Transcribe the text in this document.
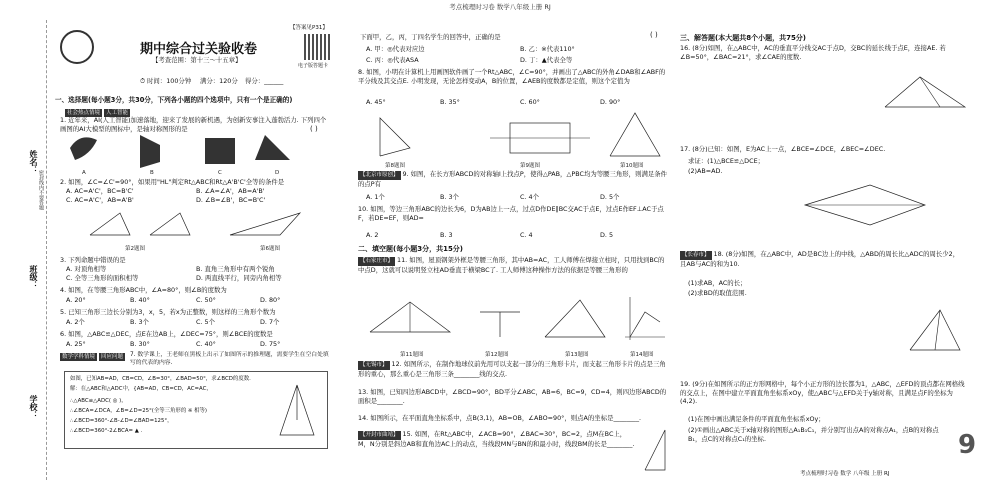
考点梳理时习卷 数学八年级上册 RJ
姓名：
班级：
学校：
密封线内不要答题
【答案见P31】
期中综合过关验收卷
【考查范围：第十三～十五章】
电子版答题卡
⏱ 时间：100分钟 满分：120分 得分：______
一、选择题(每小题3分，共30分，下列各小题的四个选项中，只有一个是正确的)
社会热点情境 人工智能
1. 近年来，AI(人工智能)加速落地，迎来了发展的新机遇，为创新安事注入蓬勃活力. 下列四个画图的AI大模型的图标中，是轴对称图形的是	( )
A	B	C	D
2. 如图，∠C=∠C'=90°，如果用"HL"判定Rt△ABC和Rt△A'B'C'全等的条件是
A. AC=A'C'，BC=B'C'	B. ∠A=∠A'，AB=A'B'
C. AC=A'C'，AB=A'B'	D. ∠B=∠B'，BC=B'C'
第2题图	第6题图
3. 下列命题中错误的是
A. 对顶角相等	B. 直角三角形中有两个锐角
C. 全等三角形的面积相等	D. 两直线平行，同旁内角相等
4. 如图，在等腰三角形ABC中，∠A=80°，则∠B的度数为
A. 20°	B. 40°	C. 50°	D. 80°
5. 已知三角形三边长分别为3，x，5，若x为正整数，则这样的三角形个数为
A. 2个	B. 3个	C. 5个	D. 7个
6. 如图，△ABC≌△DEC，点E在边AB上，∠DEC=75°，则∠BCE的度数是
A. 25°	B. 30°	C. 40°	D. 75°
数学学科情境 回应问题	7. 数学课上，王老师在黑板上出示了如图所示的推理题，需要学生在空白处填写的代表的内容.
如图，已知AB=AD，CB=CD，∠B=30°，∠BAD=50°，求∠BCD的度数.
解：在△ABC和△ADC中，{AB=AD，CB=CD，AC=AC，
∴△ABC≌△ADC( ◎ )，
∴∠BCA=∠DCA，∠B=∠D=25°(全等三角形的 ※ 相等)
∴∠BCD=360°-∠B-∠D=∠BAD=125°，
∴∠BCD=360°-2∠BCA= ▲ .
下面甲，乙，丙，丁四名学生的回答中，正确的是	( )
A. 甲：◎代表对应边	B. 乙：※代表110°
C. 丙：◎代表ASA	D. 丁：▲代表全等
8. 如图，小明在计算机上用画图软件画了一个Rt△ABC，∠C=90°，并画出了△ABC的外角∠DAB和∠ABF的平分线及其交点E. 小明发现，无论怎样变动A，B的位置，∠AEB的度数都是定值，则这个定值为
A. 45°	B. 35°	C. 60°	D. 90°
第8题图	第9题图	第10题图
【北京市原创】 9. 如图，在长方形ABCD的对称轴l上找点P，使得△PAB，△PBC均为等腰三角形，则满足条件的点P有
A. 1个	B. 3个	C. 4个	D. 5个
10. 如图，等边三角形ABC的边长为6，D为AB边上一点，过点D作DE∥BC交AC于点E，过点E作EF⊥AC于点F，若DE=EF，则AD=
A. 2	B. 3	C. 4	D. 5
二、填空题(每小题3分，共15分)
【石家庄市】 11. 如图，屋顶钢架外框是等腰三角形，其中AB=AC，工人师傅在焊接立柱时，只用找到BC的中点D，这就可以说明竖立柱AD垂直于横梁BC了. 工人师傅这种操作方法的依据是等腰三角形的
第11题图	第12题图	第13题图	第14题图
【无锡市】 12. 如图所示，在制作地球仪前先用可以支起一部分的三角形卡片，而支起三角形卡片的点是三角形的重心，那么重心是三角形三条________线的交点.
13. 如图，已知四边形ABCD中，∠BCD=90°，BD平分∠ABC，AB=6，BC=9，CD=4，则四边形ABCD的面积是________.
14. 如图所示，在平面直角坐标系中，点B(3,1)，AB=OB，∠ABO=90°，则点A的坐标是________.
【开封市曲靖】 15. 如图，在Rt△ABC中，∠ACB=90°，∠BAC=30°，BC=2，点M在BC上，M，N分别是斜边AB和直角边AC上的动点，当线段MN与BN的和最小时，线段BM的长是________.
三、解答题(本大题共8个小题，共75分)
16. (8分)如图，在△ABC中，AC的垂直平分线交AC于点D，交BC的延长线于点E，连接AE. 若∠B=50°，∠BAC=21°，求∠CAE的度数.
17. (8分)已知：如图，E为AC上一点，∠BCE=∠DCE，∠BEC=∠DEC.
求证：(1)△BCE≌△DCE；
(2)AB=AD.
【长春市】 18. (8分)如图，在△ABC中，AD是BC边上的中线，△ABD的周长比△ADC的周长少2，且AB与AC的和为10.
(1)求AB，AC的长；
(2)求BD的取值范围.
19. (9分)在如图所示的正方形网格中，每个小正方形的边长都为1，△ABC，△EFD的顶点都在网格线的交点上，在图中建立平面直角坐标系xOy，使△ABC与△EFD关于y轴对称，且满足点F的坐标为(4,2).
(1)在图中画出满足条件的平面直角坐标系xOy；
(2)①画出△ABC关于x轴对称的图形△A₁B₁C₁，并分别写出点A的对称点A₁，点B的对称点B₁，点C的对称点C₁的坐标.	9
考点梳理时习卷 数学 八年级 上册 RJ
